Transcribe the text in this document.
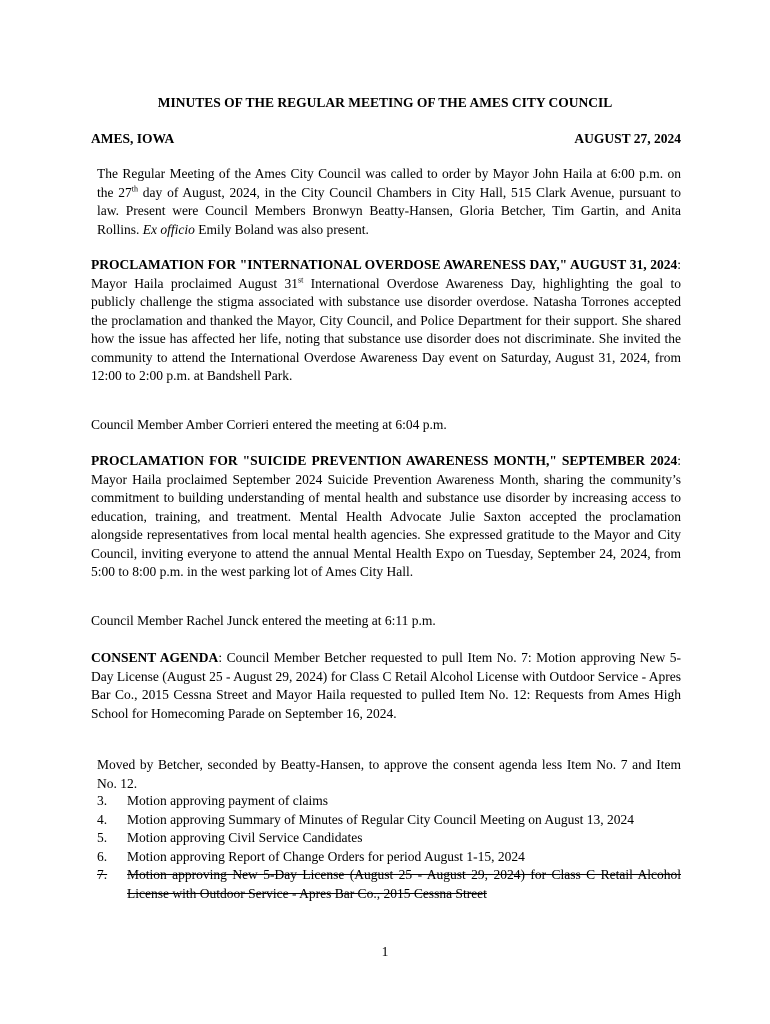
MINUTES OF THE REGULAR MEETING OF THE AMES CITY COUNCIL
AMES, IOWA	AUGUST 27, 2024

The Regular Meeting of the Ames City Council was called to order by Mayor John Haila at 6:00 p.m. on the 27th day of August, 2024, in the City Council Chambers in City Hall, 515 Clark Avenue, pursuant to law. Present were Council Members Bronwyn Beatty-Hansen, Gloria Betcher, Tim Gartin, and Anita Rollins. Ex officio Emily Boland was also present.

PROCLAMATION FOR "INTERNATIONAL OVERDOSE AWARENESS DAY," AUGUST 31, 2024: Mayor Haila proclaimed August 31st International Overdose Awareness Day, highlighting the goal to publicly challenge the stigma associated with substance use disorder overdose. Natasha Torrones accepted the proclamation and thanked the Mayor, City Council, and Police Department for their support. She shared how the issue has affected her life, noting that substance use disorder does not discriminate. She invited the community to attend the International Overdose Awareness Day event on Saturday, August 31, 2024, from 12:00 to 2:00 p.m. at Bandshell Park.

Council Member Amber Corrieri entered the meeting at 6:04 p.m.

PROCLAMATION FOR "SUICIDE PREVENTION AWARENESS MONTH," SEPTEMBER 2024: Mayor Haila proclaimed September 2024 Suicide Prevention Awareness Month, sharing the community’s commitment to building understanding of mental health and substance use disorder by increasing access to education, training, and treatment. Mental Health Advocate Julie Saxton accepted the proclamation alongside representatives from local mental health agencies. She expressed gratitude to the Mayor and City Council, inviting everyone to attend the annual Mental Health Expo on Tuesday, September 24, 2024, from 5:00 to 8:00 p.m. in the west parking lot of Ames City Hall.

Council Member Rachel Junck entered the meeting at 6:11 p.m.

CONSENT AGENDA: Council Member Betcher requested to pull Item No. 7: Motion approving New 5-Day License (August 25 - August 29, 2024) for Class C Retail Alcohol License with Outdoor Service - Apres Bar Co., 2015 Cessna Street and Mayor Haila requested to pulled Item No. 12: Requests from Ames High School for Homecoming Parade on September 16, 2024.

Moved by Betcher, seconded by Beatty-Hansen, to approve the consent agenda less Item No. 7 and Item No. 12.

3.	Motion approving payment of claims
4.	Motion approving Summary of Minutes of Regular City Council Meeting on August 13, 2024
5.	Motion approving Civil Service Candidates
6.	Motion approving Report of Change Orders for period August 1-15, 2024
7.	Motion approving New 5-Day License (August 25 - August 29, 2024) for Class C Retail Alcohol License with Outdoor Service - Apres Bar Co., 2015 Cessna Street
1
